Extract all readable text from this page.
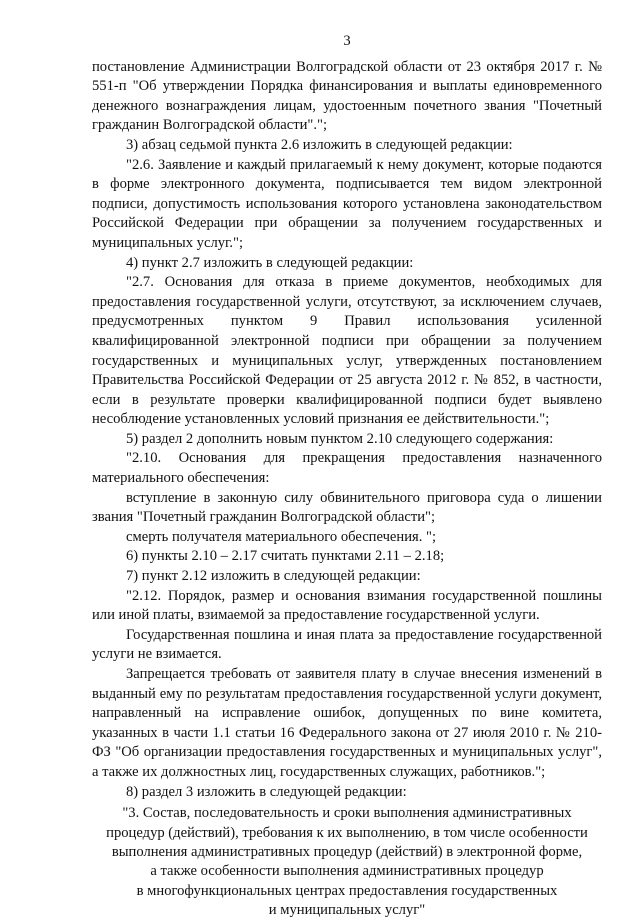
3

постановление Администрации Волгоградской области от 23 октября 2017 г. № 551-п "Об утверждении Порядка финансирования и выплаты единовременного денежного вознаграждения лицам, удостоенным почетного звания "Почетный гражданин Волгоградской области".";

3) абзац седьмой пункта 2.6 изложить в следующей редакции:

"2.6. Заявление и каждый прилагаемый к нему документ, которые подаются в форме электронного документа, подписывается тем видом электронной подписи, допустимость использования которого установлена законодательством Российской Федерации при обращении за получением государственных и муниципальных услуг.";

4) пункт 2.7 изложить в следующей редакции:

"2.7. Основания для отказа в приеме документов, необходимых для предоставления государственной услуги, отсутствуют, за исключением случаев, предусмотренных пунктом 9 Правил использования усиленной квалифицированной электронной подписи при обращении за получением государственных и муниципальных услуг, утвержденных постановлением Правительства Российской Федерации от 25 августа 2012 г. № 852, в частности, если в результате проверки квалифицированной подписи будет выявлено несоблюдение установленных условий признания ее действительности.";

5) раздел 2 дополнить новым пунктом 2.10 следующего содержания:

"2.10. Основания для прекращения предоставления назначенного материального обеспечения:

вступление в законную силу обвинительного приговора суда о лишении звания "Почетный гражданин Волгоградской области";

смерть получателя материального обеспечения. ";

6) пункты 2.10 – 2.17 считать пунктами 2.11 – 2.18;

7) пункт 2.12 изложить в следующей редакции:

"2.12. Порядок, размер и основания взимания государственной пошлины или иной платы, взимаемой за предоставление государственной услуги.

Государственная пошлина и иная плата за предоставление государственной услуги не взимается.

Запрещается требовать от заявителя плату в случае внесения изменений в выданный ему по результатам предоставления государственной услуги документ, направленный на исправление ошибок, допущенных по вине комитета, указанных в части 1.1 статьи 16 Федерального закона от 27 июля 2010 г. № 210-ФЗ "Об организации предоставления государственных и муниципальных услуг", а также их должностных лиц, государственных служащих, работников.";

8) раздел 3 изложить в следующей редакции:

"3. Состав, последовательность и сроки выполнения административных
процедур (действий), требования к их выполнению, в том числе особенности
выполнения административных процедур (действий) в электронной форме,
а также особенности выполнения административных процедур
в многофункциональных центрах предоставления государственных
и муниципальных услуг"
